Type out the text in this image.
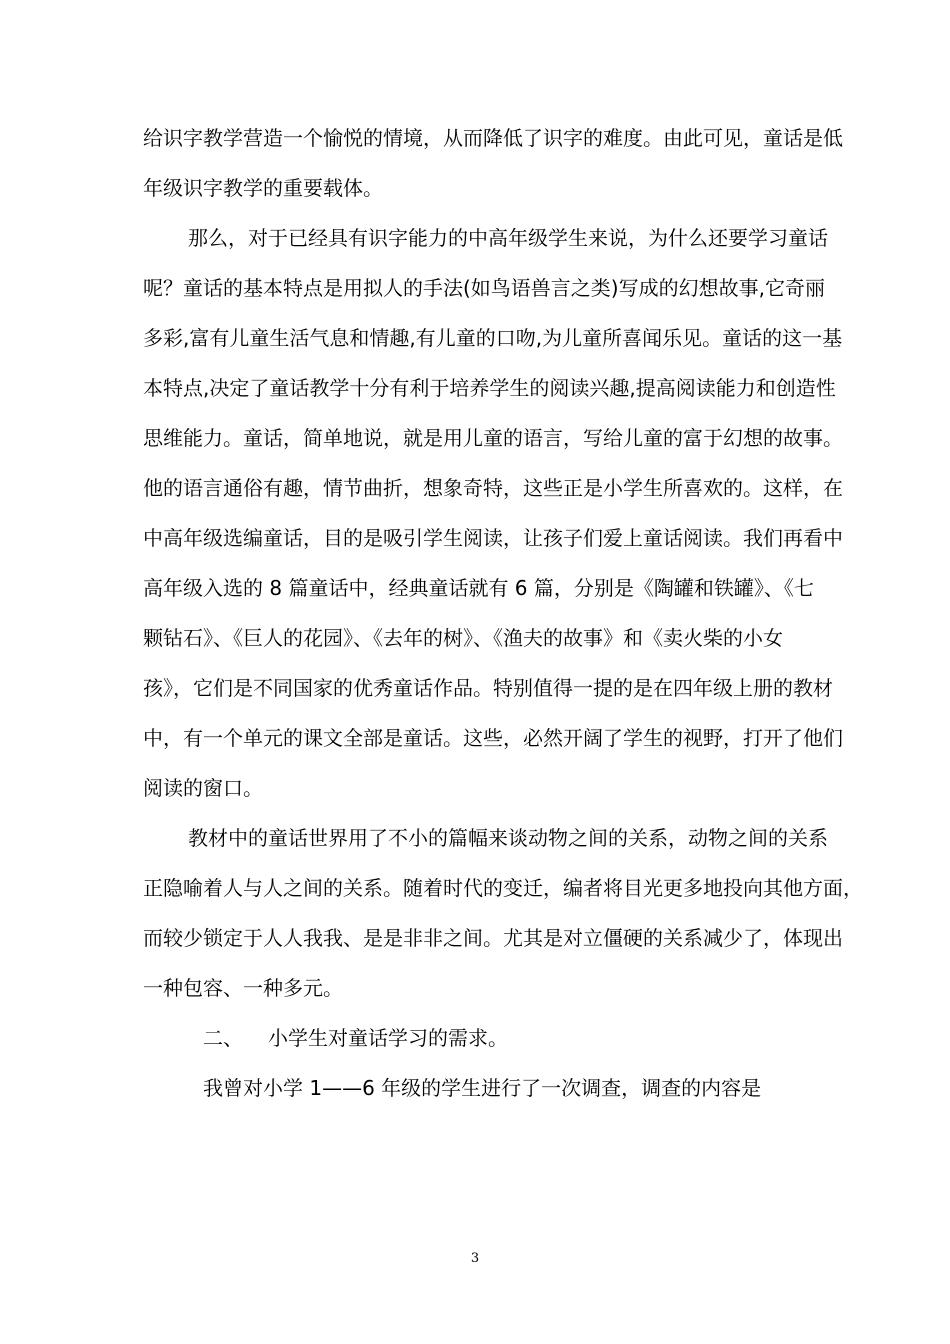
给识字教学营造一个愉悦的情境，从而降低了识字的难度。由此可见，童话是低
年级识字教学的重要载体。
那么，对于已经具有识字能力的中高年级学生来说，为什么还要学习童话
呢？童话的基本特点是用拟人的手法(如鸟语兽言之类)写成的幻想故事,它奇丽
多彩,富有儿童生活气息和情趣,有儿童的口吻,为儿童所喜闻乐见。童话的这一基
本特点,决定了童话教学十分有利于培养学生的阅读兴趣,提高阅读能力和创造性
思维能力。童话，简单地说，就是用儿童的语言，写给儿童的富于幻想的故事。
他的语言通俗有趣，情节曲折，想象奇特，这些正是小学生所喜欢的。这样，在
中高年级选编童话，目的是吸引学生阅读，让孩子们爱上童话阅读。我们再看中
高年级入选的 8 篇童话中，经典童话就有 6 篇，分别是《陶罐和铁罐》、《七
颗钻石》、《巨人的花园》、《去年的树》、《渔夫的故事》和《卖火柴的小女
孩》，它们是不同国家的优秀童话作品。特别值得一提的是在四年级上册的教材
中，有一个单元的课文全部是童话。这些，必然开阔了学生的视野，打开了他们
阅读的窗口。
教材中的童话世界用了不小的篇幅来谈动物之间的关系，动物之间的关系
正隐喻着人与人之间的关系。随着时代的变迁，编者将目光更多地投向其他方面，
而较少锁定于人人我我、是是非非之间。尤其是对立僵硬的关系减少了，体现出
一种包容、一种多元。
二、 小学生对童话学习的需求。
我曾对小学 1——6 年级的学生进行了一次调查，调查的内容是
3
